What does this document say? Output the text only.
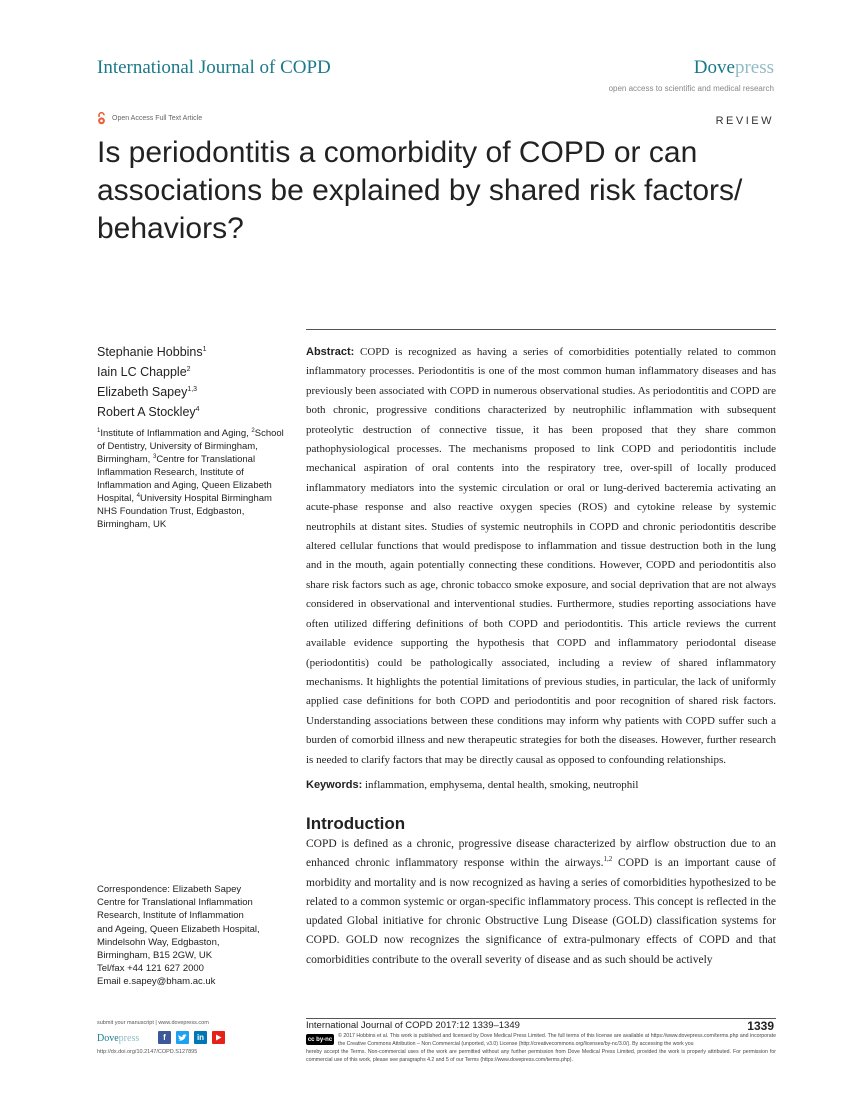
International Journal of COPD	Dovepress
open access to scientific and medical research
Open Access Full Text Article	REVIEW
Is periodontitis a comorbidity of COPD or can associations be explained by shared risk factors/ behaviors?
Stephanie Hobbins$^1$
Iain LC Chapple$^2$
Elizabeth Sapey$^{1,3}$
Robert A Stockley$^4$
$^1$Institute of Inflammation and Aging, $^2$School of Dentistry, University of Birmingham, Birmingham, $^3$Centre for Translational Inflammation Research, Institute of Inflammation and Aging, Queen Elizabeth Hospital, $^4$University Hospital Birmingham NHS Foundation Trust, Edgbaston, Birmingham, UK

Abstract: COPD is recognized as having a series of comorbidities potentially related to common inflammatory processes. Periodontitis is one of the most common human inflammatory diseases and has previously been associated with COPD in numerous observational studies. As periodontitis and COPD are both chronic, progressive conditions characterized by neutrophilic inflammation with subsequent proteolytic destruction of connective tissue, it has been proposed that they share common pathophysiological processes. The mechanisms proposed to link COPD and periodontitis include mechanical aspiration of oral contents into the respiratory tree, over-spill of locally produced inflammatory mediators into the systemic circulation or oral or lung-derived bacteremia activating an acute-phase response and also reactive oxygen species (ROS) and cytokine release by systemic neutrophils at distant sites. Studies of systemic neutrophils in COPD and chronic periodontitis describe altered cellular functions that would predispose to inflammation and tissue destruction both in the lung and in the mouth, again potentially connecting these conditions. However, COPD and periodontitis also share risk factors such as age, chronic tobacco smoke exposure, and social deprivation that are not always considered in observational and interventional studies. Furthermore, studies reporting associations have often utilized differing definitions of both COPD and periodontitis. This article reviews the current available evidence supporting the hypothesis that COPD and inflammatory periodontal disease (periodontitis) could be pathologically associated, including a review of shared inflammatory mechanisms. It highlights the potential limitations of previous studies, in particular, the lack of uniformly applied case definitions for both COPD and periodontitis and poor recognition of shared risk factors. Understanding associations between these conditions may inform why patients with COPD suffer such a burden of comorbid illness and new therapeutic strategies for both the diseases. However, further research is needed to clarify factors that may be directly causal as opposed to confounding relationships.

Keywords: inflammation, emphysema, dental health, smoking, neutrophil

Introduction

COPD is defined as a chronic, progressive disease characterized by airflow obstruction due to an enhanced chronic inflammatory response within the airways.$^{1,2}$ COPD is an important cause of morbidity and mortality and is now recognized as having a series of comorbidities hypothesized to be related to a common systemic or organ-specific inflammatory process. This concept is reflected in the updated Global initiative for chronic Obstructive Lung Disease (GOLD) classification systems for COPD. GOLD now recognizes the significance of extra-pulmonary effects of COPD and that comorbidities contribute to the overall severity of disease and as such should be actively

Correspondence: Elizabeth Sapey
Centre for Translational Inflammation
Research, Institute of Inflammation
and Ageing, Queen Elizabeth Hospital,
Mindelsohn Way, Edgbaston,
Birmingham, B15 2GW, UK
Tel/fax +44 121 627 2000
Email e.sapey@bham.ac.uk
submit your manuscript | www.dovepress.com
Dovepress	f	in
http://dx.doi.org/10.2147/COPD.S127895
International Journal of COPD 2017:12 1339–1349	1339
cc by-nc

© 2017 Hobbins et al. This work is published and licensed by Dove Medical Press Limited. The full terms of this license are available at https://www.dovepress.com/terms.php and incorporate the Creative Commons Attribution – Non Commercial (unported, v3.0) License (http://creativecommons.org/licenses/by-nc/3.0/). By accessing the work you

hereby accept the Terms. Non-commercial uses of the work are permitted without any further permission from Dove Medical Press Limited, provided the work is properly attributed. For permission for commercial use of this work, please see paragraphs 4.2 and 5 of our Terms (https://www.dovepress.com/terms.php).
